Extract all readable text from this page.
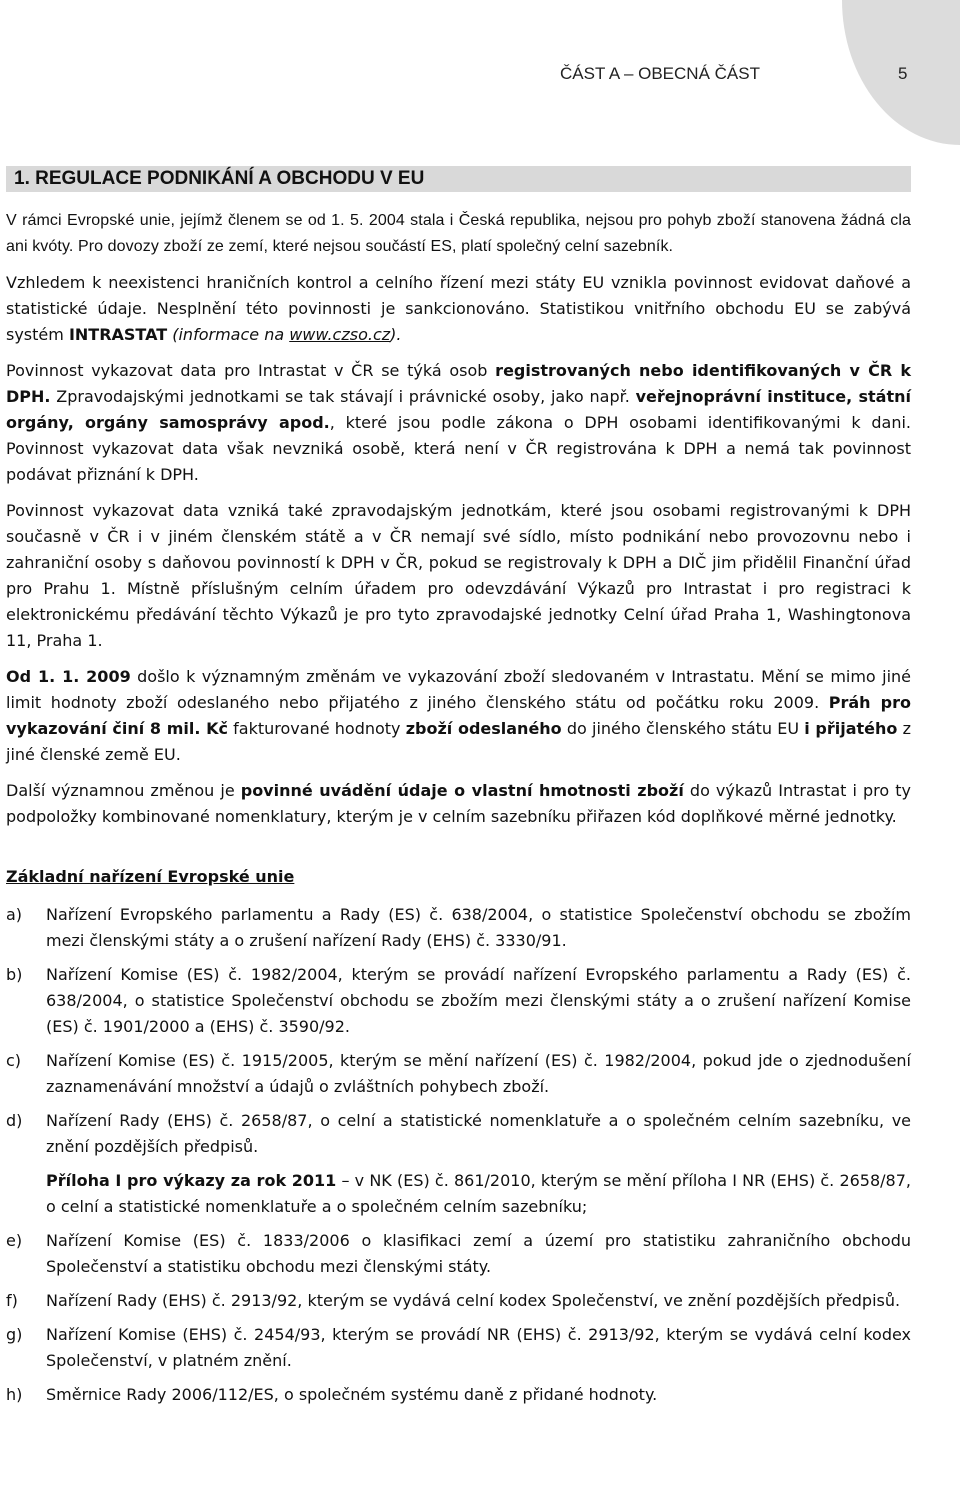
ČÁST A – OBECNÁ ČÁST	5
1. REGULACE PODNIKÁNÍ A OBCHODU V EU

V rámci Evropské unie, jejímž členem se od 1. 5. 2004 stala i Česká republika, nejsou pro pohyb zboží stanovena žádná cla ani kvóty. Pro dovozy zboží ze zemí, které nejsou součástí ES, platí společný celní sazebník.

Vzhledem k neexistenci hraničních kontrol a celního řízení mezi státy EU vznikla povinnost evidovat daňové a statistické údaje. Nesplnění této povinnosti je sankcionováno. Statistikou vnitřního obchodu EU se zabývá systém INTRASTAT (informace na www.czso.cz).

Povinnost vykazovat data pro Intrastat v ČR se týká osob registrovaných nebo identifikovaných v ČR k DPH. Zpravodajskými jednotkami se tak stávají i právnické osoby, jako např. veřejnoprávní instituce, státní orgány, orgány samosprávy apod., které jsou podle zákona o DPH osobami identifikovanými k dani. Povinnost vykazovat data však nevzniká osobě, která není v ČR registrována k DPH a nemá tak povinnost podávat přiznání k DPH.

Povinnost vykazovat data vzniká také zpravodajským jednotkám, které jsou osobami registrovanými k DPH současně v ČR i v jiném členském státě a v ČR nemají své sídlo, místo podnikání nebo provozovnu nebo i zahraniční osoby s daňovou povinností k DPH v ČR, pokud se registrovaly k DPH a DIČ jim přidělil Finanční úřad pro Prahu 1. Místně příslušným celním úřadem pro odevzdávání Výkazů pro Intrastat i pro registraci k elektronickému předávání těchto Výkazů je pro tyto zpravodajské jednotky Celní úřad Praha 1, Washingtonova 11, Praha 1.

Od 1. 1. 2009 došlo k významným změnám ve vykazování zboží sledovaném v Intrastatu. Mění se mimo jiné limit hodnoty zboží odeslaného nebo přijatého z jiného členského státu od počátku roku 2009. Práh pro vykazování činí 8 mil. Kč fakturované hodnoty zboží odeslaného do jiného členského státu EU i přijatého z jiné členské země EU.

Další významnou změnou je povinné uvádění údaje o vlastní hmotnosti zboží do výkazů Intrastat i pro ty podpoložky kombinované nomenklatury, kterým je v celním sazebníku přiřazen kód doplňkové měrné jednotky.

Základní nařízení Evropské unie
a) Nařízení Evropského parlamentu a Rady (ES) č. 638/2004, o statistice Společenství obchodu se zbožím mezi členskými státy a o zrušení nařízení Rady (EHS) č. 3330/91.
b) Nařízení Komise (ES) č. 1982/2004, kterým se provádí nařízení Evropského parlamentu a Rady (ES) č. 638/2004, o statistice Společenství obchodu se zbožím mezi členskými státy a o zrušení nařízení Komise (ES) č. 1901/2000 a (EHS) č. 3590/92.
c) Nařízení Komise (ES) č. 1915/2005, kterým se mění nařízení (ES) č. 1982/2004, pokud jde o zjednodušení zaznamenávání množství a údajů o zvláštních pohybech zboží.
d) Nařízení Rady (EHS) č. 2658/87, o celní a statistické nomenklatuře a o společném celním sazebníku, ve znění pozdějších předpisů.
Příloha I pro výkazy za rok 2011 – v NK (ES) č. 861/2010, kterým se mění příloha I NR (EHS) č. 2658/87, o celní a statistické nomenklatuře a o společném celním sazebníku;
e) Nařízení Komise (ES) č. 1833/2006 o klasifikaci zemí a území pro statistiku zahraničního obchodu Společenství a statistiku obchodu mezi členskými státy.
f) Nařízení Rady (EHS) č. 2913/92, kterým se vydává celní kodex Společenství, ve znění pozdějších předpisů.
g) Nařízení Komise (EHS) č. 2454/93, kterým se provádí NR (EHS) č. 2913/92, kterým se vydává celní kodex Společenství, v platném znění.
h) Směrnice Rady 2006/112/ES, o společném systému daně z přidané hodnoty.
